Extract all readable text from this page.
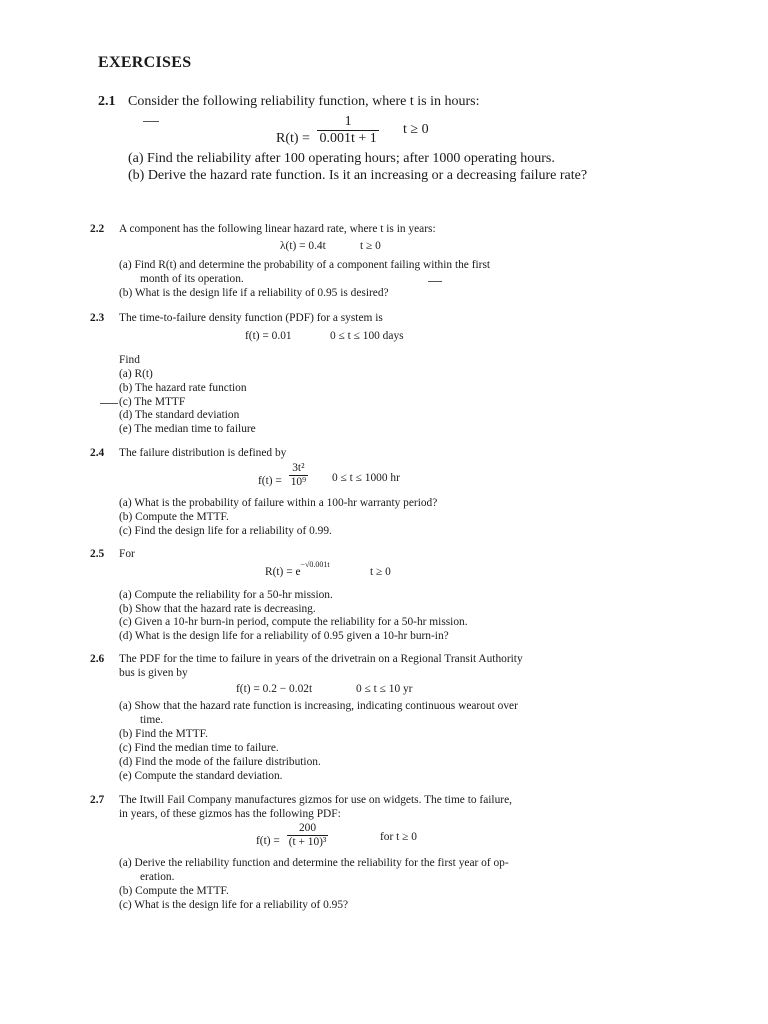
EXERCISES
2.1 Consider the following reliability function, where t is in hours:
$R(t) = \frac{1}{0.001t + 1}$ t ≥ 0
(a) Find the reliability after 100 operating hours; after 1000 operating hours.
(b) Derive the hazard rate function. Is it an increasing or a decreasing failure rate?
2.2 A component has the following linear hazard rate, where t is in years:
λ(t) = 0.4t	t ≥ 0
(a) Find R(t) and determine the probability of a component failing within the first
month of its operation.
(b) What is the design life if a reliability of 0.95 is desired?
2.3 The time-to-failure density function (PDF) for a system is
f(t) = 0.01	0 ≤ t ≤ 100 days
Find
(a) R(t)
(b) The hazard rate function
(c) The MTTF
(d) The standard deviation
(e) The median time to failure
2.4 The failure distribution is defined by
$f(t) = \frac{\text{3t²}}{\text{10⁹}} 0 \le t \le 1000$ hr
(a) What is the probability of failure within a 100-hr warranty period?
(b) Compute the MTTF.
(c) Find the design life for a reliability of 0.99.
2.5 For
$R(t) = e^{-√0.001t}$
t ≥ 0
(a) Compute the reliability for a 50-hr mission.
(b) Show that the hazard rate is decreasing.
(c) Given a 10-hr burn-in period, compute the reliability for a 50-hr mission.
(d) What is the design life for a reliability of 0.95 given a 10-hr burn-in?
2.6 The PDF for the time to failure in years of the drivetrain on a Regional Transit Authority
bus is given by
f(t) = 0.2 − 0.02t	0 ≤ t ≤ 10 yr
(a) Show that the hazard rate function is increasing, indicating continuous wearout over
time.
(b) Find the MTTF.
(c) Find the median time to failure.
(d) Find the mode of the failure distribution.
(e) Compute the standard deviation.
2.7 The Itwill Fail Company manufactures gizmos for use on widgets. The time to failure,
in years, of these gizmos has the following PDF:
$f(t) = \frac{200}{\text{(t + 10)³}}$	for t ≥ 0
(a) Derive the reliability function and determine the reliability for the first year of op-
eration.
(b) Compute the MTTF.
(c) What is the design life for a reliability of 0.95?
